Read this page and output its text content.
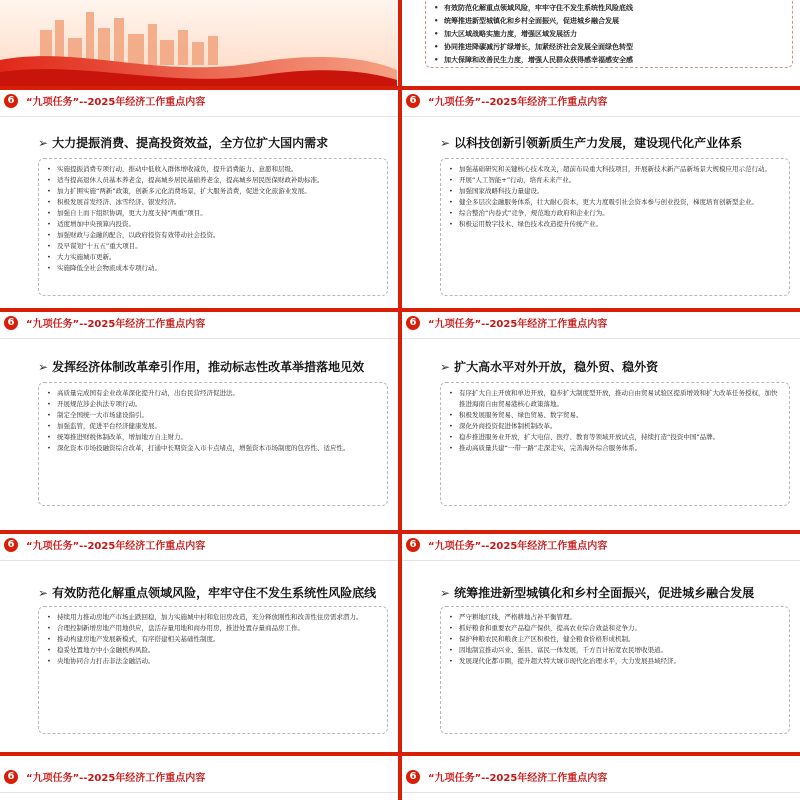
• 有效防范化解重点领域风险，牢牢守住不发生系统性风险底线
• 统筹推进新型城镇化和乡村全面振兴，促进城乡融合发展
• 加大区域战略实施力度，增强区域发展活力
• 协同推进降碳减污扩绿增长，加紧经济社会发展全面绿色转型
• 加大保障和改善民生力度，增强人民群众获得感幸福感安全感
6	“九项任务”--2025年经济工作重点内容
➢ 大力提振消费、提高投资效益，全方位扩大国内需求
• 实施提振消费专项行动，推动中低收入群体增收减负，提升消费能力、意愿和层级。
• 适当提高退休人员基本养老金，提高城乡居民基础养老金，提高城乡居民医保财政补助标准。
• 加力扩围实施“两新”政策，创新多元化消费场景，扩大服务消费，促进文化旅游业发展。
• 积极发展首发经济、冰雪经济、银发经济。
• 加强自上而下组织协调，更大力度支持“两重”项目。
• 适度增加中央预算内投资。
• 加强财政与金融的配合，以政府投资有效带动社会投资。
• 及早谋划“十五五”重大项目。
• 大力实施城市更新。
• 实施降低全社会物流成本专项行动。
6	“九项任务”--2025年经济工作重点内容
➢ 以科技创新引领新质生产力发展，建设现代化产业体系
• 加强基础研究和关键核心技术攻关，超前布局重大科技项目，开展新技术新产品新场景大规模应用示范行动。
• 开展“人工智能+”行动，培育未来产业。
• 加强国家战略科技力量建设。
• 健全多层次金融服务体系，壮大耐心资本，更大力度吸引社会资本参与创业投资，梯度培育创新型企业。
• 综合整治“内卷式”竞争，规范地方政府和企业行为。
• 积极运用数字技术、绿色技术改造提升传统产业。
6	“九项任务”--2025年经济工作重点内容
➢ 发挥经济体制改革牵引作用，推动标志性改革举措落地见效
• 高质量完成国有企业改革深化提升行动，出台民营经济促进法。
• 开展规范涉企执法专项行动。
• 制定全国统一大市场建设指引。
• 加强监管，促进平台经济健康发展。
• 统筹推进财税体制改革，增加地方自主财力。
• 深化资本市场投融资综合改革，打通中长期资金入市卡点堵点，增强资本市场制度的包容性、适应性。
6	“九项任务”--2025年经济工作重点内容
➢ 扩大高水平对外开放，稳外贸、稳外资
• 有序扩大自主开放和单边开放，稳步扩大制度型开放，推动自由贸易试验区提质增效和扩大改革任务授权，加快推进海南自由贸易港核心政策落地。
• 积极发展服务贸易、绿色贸易、数字贸易。
• 深化外商投资促进体制机制改革。
• 稳步推进服务业开放，扩大电信、医疗、教育等领域开放试点，持续打造“投资中国”品牌。
• 推动高质量共建“一带一路”走深走实，完善海外综合服务体系。
6	“九项任务”--2025年经济工作重点内容
➢ 有效防范化解重点领域风险，牢牢守住不发生系统性风险底线
• 持续用力推动房地产市场止跌回稳，加力实施城中村和危旧房改造，充分释放刚性和改善性住房需求潜力。
• 合理控制新增房地产用地供应，盘活存量用地和商办用房，推进处置存量商品房工作。
• 推动构建房地产发展新模式，有序搭建相关基础性制度。
• 稳妥处置地方中小金融机构风险。
• 央地协同合力打击非法金融活动。
6	“九项任务”--2025年经济工作重点内容
➢ 统筹推进新型城镇化和乡村全面振兴，促进城乡融合发展
• 严守耕地红线，严格耕地占补平衡管理。
• 抓好粮食和重要农产品稳产保供，提高农业综合效益和竞争力。
• 保护种粮农民和粮食主产区积极性，健全粮食价格形成机制。
• 因地制宜推动兴业、强县、富民一体发展，千方百计拓宽农民增收渠道。
• 发展现代化都市圈，提升超大特大城市现代化治理水平，大力发展县域经济。
6	“九项任务”--2025年经济工作重点内容	6	“九项任务”--2025年经济工作重点内容
